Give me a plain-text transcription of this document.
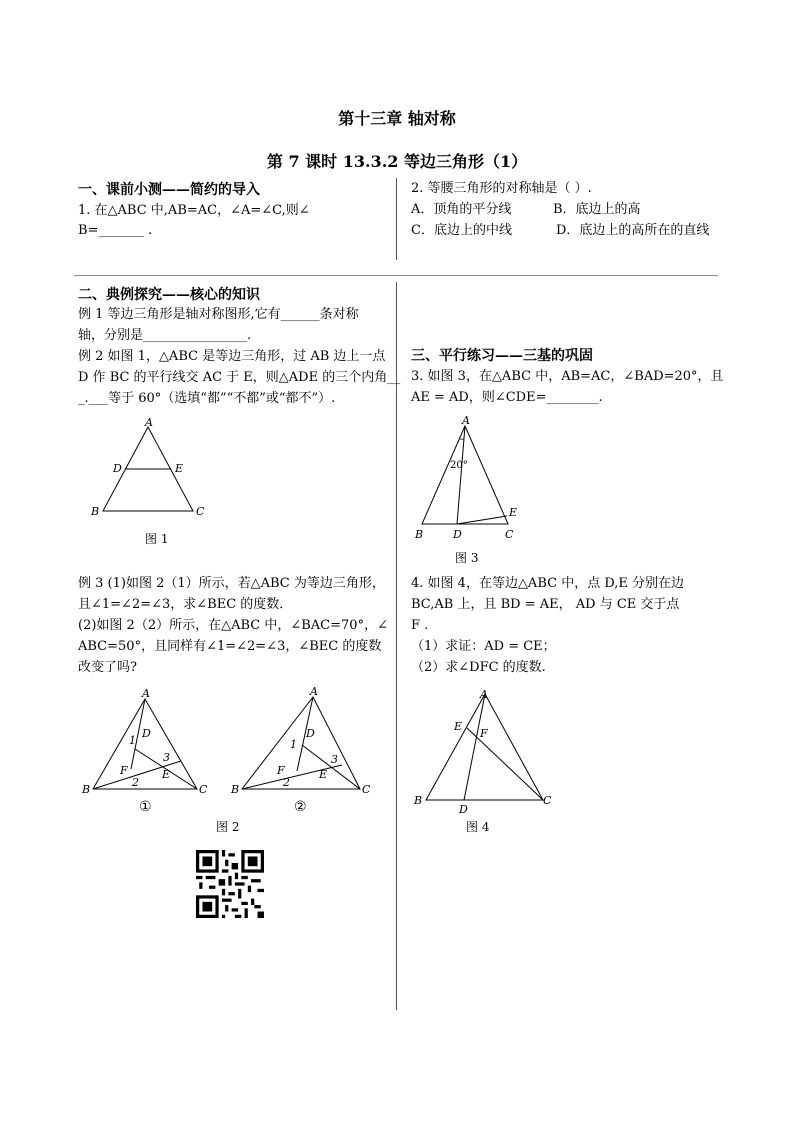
第十三章 轴对称
第 7 课时 13.3.2 等边三角形（1）
一、课前小测——简约的导入
1. 在△ABC 中,AB=AC，∠A=∠C,则∠
B=_______ .
2. 等腰三角形的对称轴是（ ）.
A．顶角的平分线	B．底边上的高
C．底边上的中线	D．底边上的高所在的直线
二、典例探究——核心的知识
例 1 等边三角形是轴对称图形,它有______条对称
轴，分别是________________.
例 2 如图 1，△ABC 是等边三角形，过 AB 边上一点
D 作 BC 的平行线交 AC 于 E，则△ADE 的三个内角__
_.___等于 60°（选填“都”“不都”或“都不”）.
A
D	E
B	C
图 1
例 3 (1)如图 2（1）所示，若△ABC 为等边三角形，
且∠1=∠2=∠3，求∠BEC 的度数．
(2)如图 2（2）所示，在△ABC 中，∠BAC=70°，∠
ABC=50°，且同样有∠1=∠2=∠3，∠BEC 的度数
改变了吗?
A
B	C
D
E
F
1
2
3
①
A
B	C
D
E
F
1
2
3
②
图 2
三、平行练习——三基的巩固
3. 如图 3，在△ABC 中，AB=AC，∠BAD=20°，且
AE = AD，则∠CDE=________.
A
20°
B	D	C
E
图 3
4. 如图 4，在等边△ABC 中，点 D,E 分别在边
BC,AB 上，且 BD = AE， AD 与 CE 交于点
F .
（1）求证：AD = CE；
（2）求∠DFC 的度数.
A
E
F
B
D
C
图 4
